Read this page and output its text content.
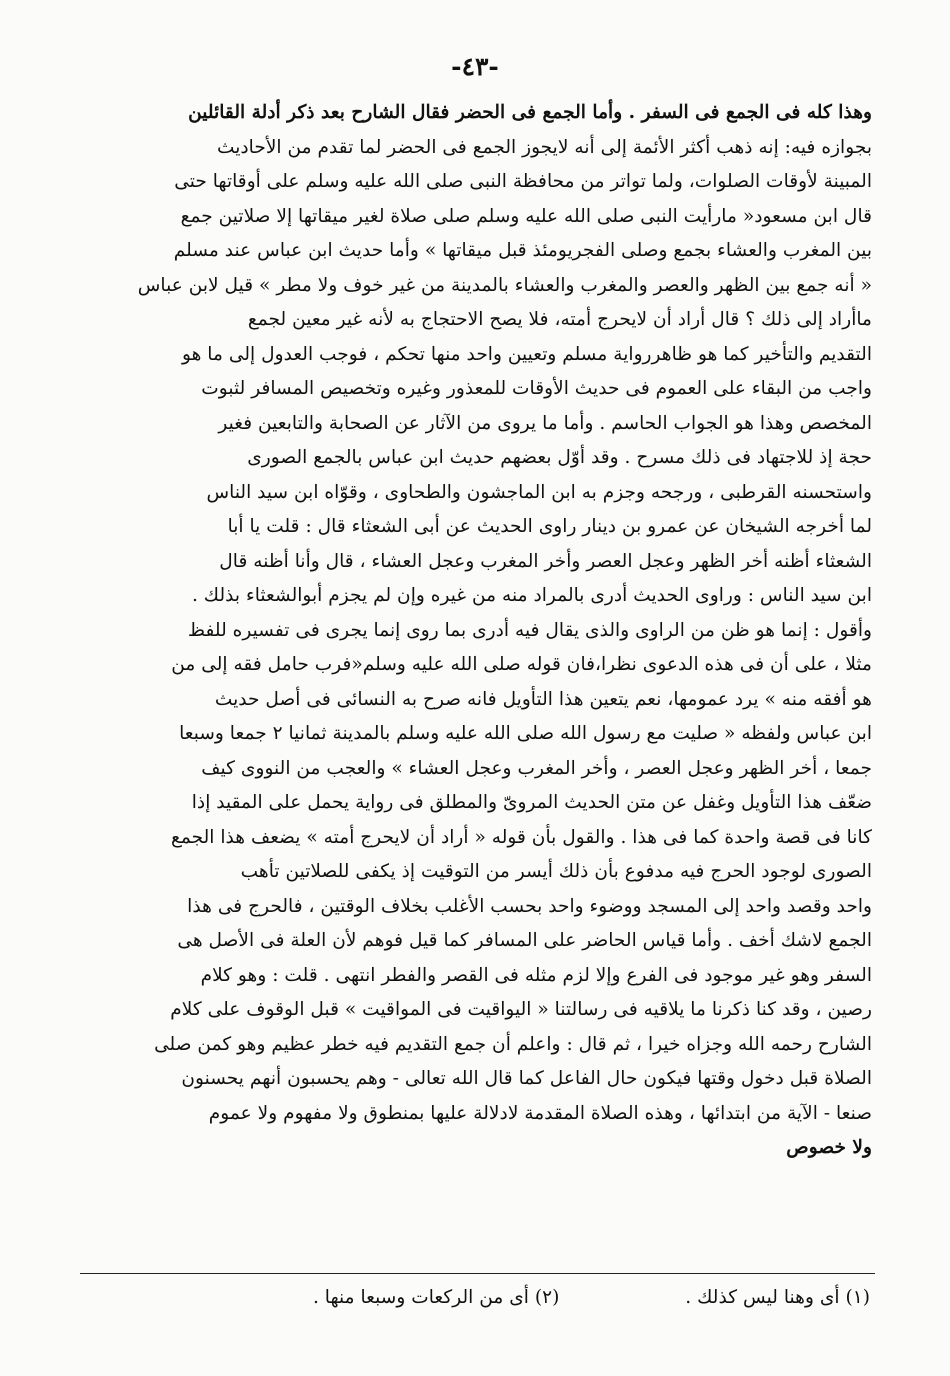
-٤٣-
وهذا كله فى الجمع فى السفر . وأما الجمع فى الحضر فقال الشارح بعد ذكر أدلة القائلين
بجوازه فيه: إنه ذهب أكثر الأئمة إلى أنه لايجوز الجمع فى الحضر لما تقدم من الأحاديث
المبينة لأوقات الصلوات، ولما تواتر من محافظة النبى صلى الله عليه وسلم على أوقاتها حتى
قال ابن مسعود« مارأيت النبى صلى الله عليه وسلم صلى صلاة لغير ميقاتها إلا صلاتين جمع
بين المغرب والعشاء بجمع وصلى الفجريومئذ قبل ميقاتها » وأما حديث ابن عباس عند مسلم
« أنه جمع بين الظهر والعصر والمغرب والعشاء بالمدينة من غير خوف ولا مطر » قيل لابن عباس
ماأراد إلى ذلك ؟ قال أراد أن لايحرج أمته، فلا يصح الاحتجاج به لأنه غير معين لجمع
التقديم والتأخير كما هو ظاهررواية مسلم وتعيين واحد منها تحكم ، فوجب العدول إلى ما هو
واجب من البقاء على العموم فى حديث الأوقات للمعذور وغيره وتخصيص المسافر لثبوت
المخصص وهذا هو الجواب الحاسم . وأما ما يروى من الآثار عن الصحابة والتابعين فغير
حجة إذ للاجتهاد فى ذلك مسرح . وقد أوّل بعضهم حديث ابن عباس بالجمع الصورى
واستحسنه القرطبى ، ورجحه وجزم به ابن الماجشون والطحاوى ، وقوّاه ابن سيد الناس
لما أخرجه الشيخان عن عمرو بن دينار راوى الحديث عن أبى الشعثاء قال : قلت يا أبا
الشعثاء أظنه أخر الظهر وعجل العصر وأخر المغرب وعجل العشاء ، قال وأنا أظنه قال
ابن سيد الناس : وراوى الحديث أدرى بالمراد منه من غيره وإن لم يجزم أبوالشعثاء بذلك .
وأقول : إنما هو ظن من الراوى والذى يقال فيه أدرى بما روى إنما يجرى فى تفسيره للفظ
مثلا ، على أن فى هذه الدعوى نظرا،فان قوله صلى الله عليه وسلم«فرب حامل فقه إلى من
هو أفقه منه » يرد عمومها، نعم يتعين هذا التأويل فانه صرح به النسائى فى أصل حديث
ابن عباس ولفظه « صليت مع رسول الله صلى الله عليه وسلم بالمدينة ثمانيا ٢ جمعا وسبعا
جمعا ، أخر الظهر وعجل العصر ، وأخر المغرب وعجل العشاء » والعجب من النووى كيف
ضعّف هذا التأويل وغفل عن متن الحديث المروىّ والمطلق فى رواية يحمل على المقيد إذا
كانا فى قصة واحدة كما فى هذا . والقول بأن قوله « أراد أن لايحرج أمته » يضعف هذا الجمع
الصورى لوجود الحرج فيه مدفوع بأن ذلك أيسر من التوقيت إذ يكفى للصلاتين تأهب
واحد وقصد واحد إلى المسجد ووضوء واحد بحسب الأغلب بخلاف الوقتين ، فالحرج فى هذا
الجمع لاشك أخف . وأما قياس الحاضر على المسافر كما قيل فوهم لأن العلة فى الأصل هى
السفر وهو غير موجود فى الفرع وإلا لزم مثله فى القصر والفطر انتهى . قلت : وهو كلام
رصين ، وقد كنا ذكرنا ما يلاقيه فى رسالتنا « اليواقيت فى المواقيت » قبل الوقوف على كلام
الشارح رحمه الله وجزاه خيرا ، ثم قال : واعلم أن جمع التقديم فيه خطر عظيم وهو كمن صلى
الصلاة قبل دخول وقتها فيكون حال الفاعل كما قال الله تعالى - وهم يحسبون أنهم يحسنون
صنعا - الآية من ابتدائها ، وهذه الصلاة المقدمة لادلالة عليها بمنطوق ولا مفهوم ولا عموم
ولا خصوص
(١) أى وهنا ليس كذلك . (٢) أى من الركعات وسبعا منها .
